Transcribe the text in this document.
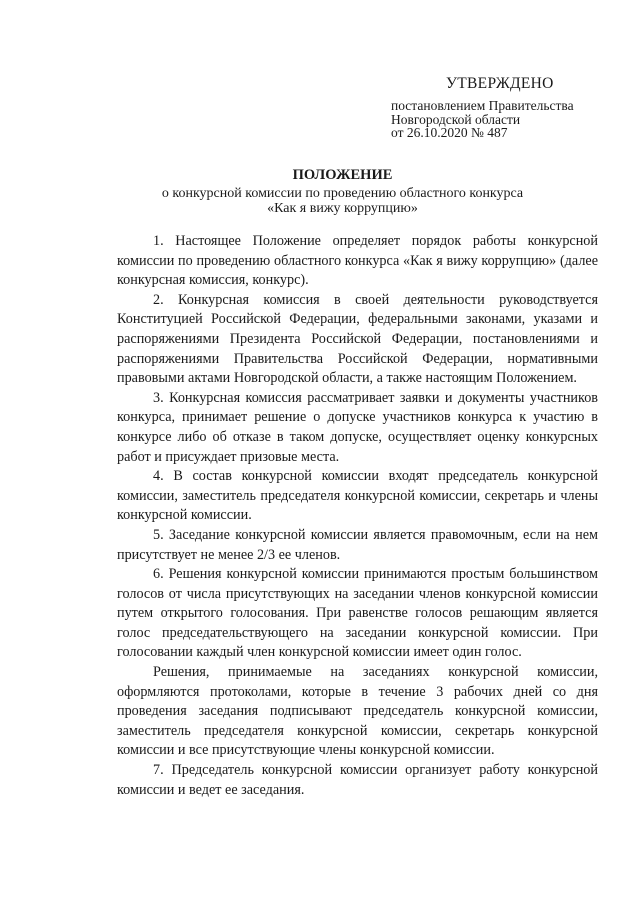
УТВЕРЖДЕНО
постановлением Правительства
Новгородской области
от 26.10.2020 № 487
ПОЛОЖЕНИЕ
о конкурсной комиссии по проведению областного конкурса
«Как я вижу коррупцию»

1. Настоящее Положение определяет порядок работы конкурсной комиссии по проведению областного конкурса «Как я вижу коррупцию» (далее конкурсная комиссия, конкурс).

2. Конкурсная комиссия в своей деятельности руководствуется Конституцией Российской Федерации, федеральными законами, указами и распоряжениями Президента Российской Федерации, постановлениями и распоряжениями Правительства Российской Федерации, нормативными правовыми актами Новгородской области, а также настоящим Положением.

3. Конкурсная комиссия рассматривает заявки и документы участников конкурса, принимает решение о допуске участников конкурса к участию в конкурсе либо об отказе в таком допуске, осуществляет оценку конкурсных работ и присуждает призовые места.

4. В состав конкурсной комиссии входят председатель конкурсной комиссии, заместитель председателя конкурсной комиссии, секретарь и члены конкурсной комиссии.

5. Заседание конкурсной комиссии является правомочным, если на нем присутствует не менее 2/3 ее членов.

6. Решения конкурсной комиссии принимаются простым большинством голосов от числа присутствующих на заседании членов конкурсной комиссии путем открытого голосования. При равенстве голосов решающим является голос председательствующего на заседании конкурсной комиссии. При голосовании каждый член конкурсной комиссии имеет один голос.

Решения, принимаемые на заседаниях конкурсной комиссии, оформляются протоколами, которые в течение 3 рабочих дней со дня проведения заседания подписывают председатель конкурсной комиссии, заместитель председателя конкурсной комиссии, секретарь конкурсной комиссии и все присутствующие члены конкурсной комиссии.

7. Председатель конкурсной комиссии организует работу конкурсной комиссии и ведет ее заседания.
